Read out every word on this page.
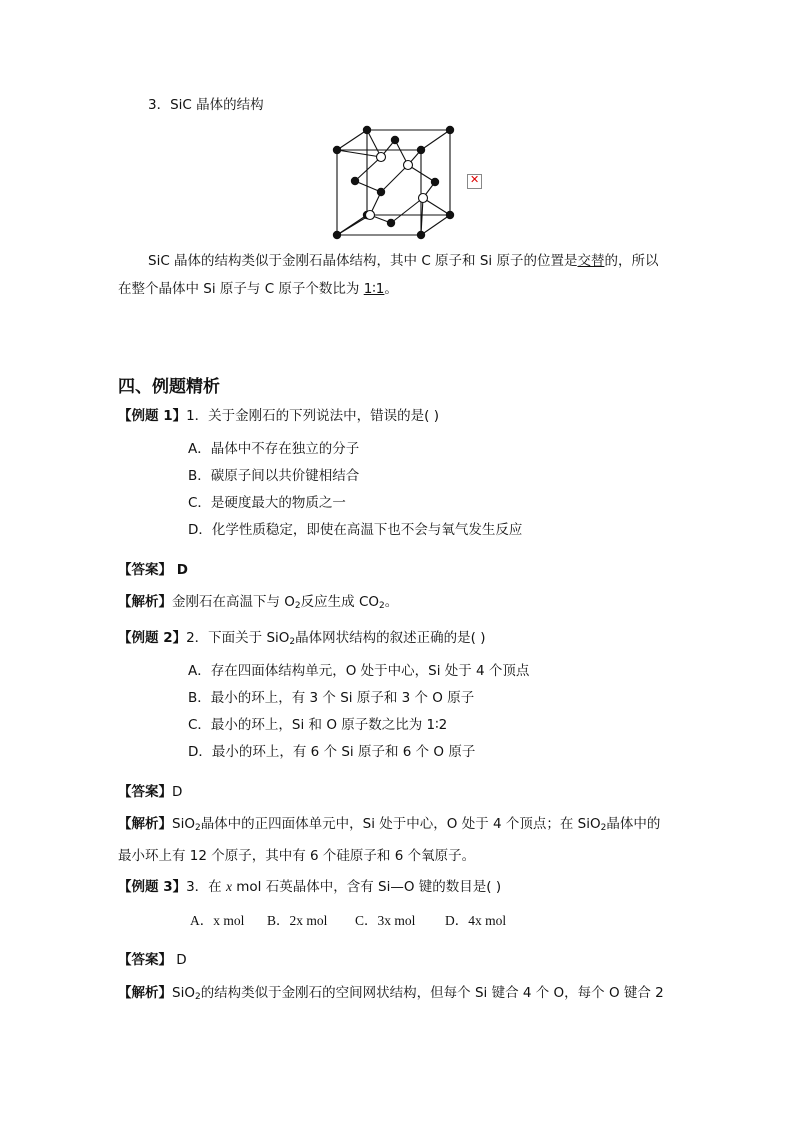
3．SiC 晶体的结构
✕
SiC 晶体的结构类似于金刚石晶体结构，其中 C 原子和 Si 原子的位置是交替的，所以
在整个晶体中 Si 原子与 C 原子个数比为 1∶1。
四、例题精析
【例题 1】1．关于金刚石的下列说法中，错误的是( )
A．晶体中不存在独立的分子
B．碳原子间以共价键相结合
C．是硬度最大的物质之一
D．化学性质稳定，即使在高温下也不会与氧气发生反应
【答案】 D
【解析】金刚石在高温下与 $O_2$反应生成 $CO_2$。
【例题 2】2．下面关于 SiO$_2$晶体网状结构的叙述正确的是( )
A．存在四面体结构单元，O 处于中心，Si 处于 4 个顶点
B．最小的环上，有 3 个 Si 原子和 3 个 O 原子
C．最小的环上，Si 和 O 原子数之比为 1∶2
D．最小的环上，有 6 个 Si 原子和 6 个 O 原子
【答案】D
【解析】SiO$_2$晶体中的正四面体单元中，Si 处于中心，O 处于 4 个顶点；在 SiO$_2$晶体中的
最小环上有 12 个原子，其中有 6 个硅原子和 6 个氧原子。
【例题 3】3．在 x mol 石英晶体中，含有 Si—O 键的数目是( )
A．x mol B．2x mol C．3x mol D．4x mol
【答案】 D
【解析】SiO$_2$的结构类似于金刚石的空间网状结构，但每个 Si 键合 4 个 O，每个 O 键合 2
